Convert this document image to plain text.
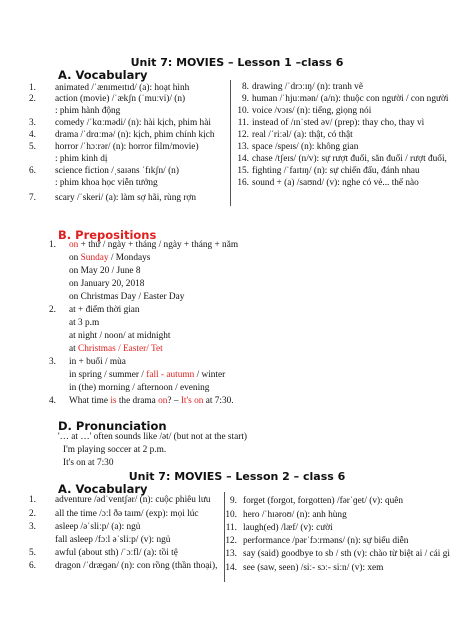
Unit 7: MOVIES – Lesson 1 –class 6
A. Vocabulary
1. animated /ˈænɪmeɪtɪd/ (a): hoạt hình
2. action (movie) /ˈækʃn (ˈmuːvi)/ (n)
: phim hành động
3. comedy /ˈkɑːmədi/ (n): hài kịch, phim hài
4. drama /ˈdrɑːmə/ (n): kịch, phim chính kịch
5. horror /ˈhɔːrər/ (n): horror film/movie)
: phim kinh dị
6. science fiction /ˌsaɪəns ˈfɪkʃn/ (n)
: phim khoa học viễn tưởng
7. scary /ˈskeri/ (a): làm sợ hãi, rùng rợn
8. drawing /ˈdrɔːɪŋ/ (n): tranh vẽ
9. human /ˈhjuːmən/ (a/n): thuộc con người / con người
10. voice /vɔɪs/ (n): tiếng, giọng nói
11. instead of /ɪnˈsted əv/ (prep): thay cho, thay vì
12. real /ˈriːəl/ (a): thật, có thật
13. space /speɪs/ (n): không gian
14. chase /tʃeɪs/ (n/v): sự rượt đuổi, săn đuổi / rượt đuổi,
15. fighting /ˈfaɪtɪŋ/ (n): sự chiến đấu, đánh nhau
16. sound + (a) /saʊnd/ (v): nghe có vẻ... thế nào
B. Prepositions
1. on + thứ / ngày + tháng / ngày + tháng + năm
on Sunday / Mondays
on May 20 / June 8
on January 20, 2018
on Christmas Day / Easter Day
2. at + điểm thời gian
at 3 p.m
at night / noon/ at midnight
at Christmas / Easter/ Tet
3. in + buổi / mùa
in spring / summer / fall - autumn / winter
in (the) morning / afternoon / evening
4. What time is the drama on? – It's on at 7:30.
D. Pronunciation
'… at …' often sounds like /ət/ (but not at the start)
I'm playing soccer at 2 p.m.
It's on at 7:30
Unit 7: MOVIES – Lesson 2 – class 6
A. Vocabulary
1. adventure /ədˈventʃər/ (n): cuộc phiêu lưu
2. all the time /ɔːl ðə taɪm/ (exp): mọi lúc
3. asleep /əˈsliːp/ (a): ngủ
fall asleep /fɔːl əˈsliːp/ (v): ngủ
5. awful (about sth) /ˈɔːfl/ (a): tồi tệ
6. dragon /ˈdræɡən/ (n): con rồng (thần thoại),
9. forget (forgot, forgotten) /fərˈɡet/ (v): quên
10. hero /ˈhɪəroʊ/ (n): anh hùng
11. laugh(ed) /læf/ (v): cười
12. performance /pərˈfɔːrməns/ (n): sự biểu diễn
13. say (said) goodbye to sb / sth (v): chào từ biệt ai / cái gì
14. see (saw, seen) /siː- sɔː- siːn/ (v): xem
